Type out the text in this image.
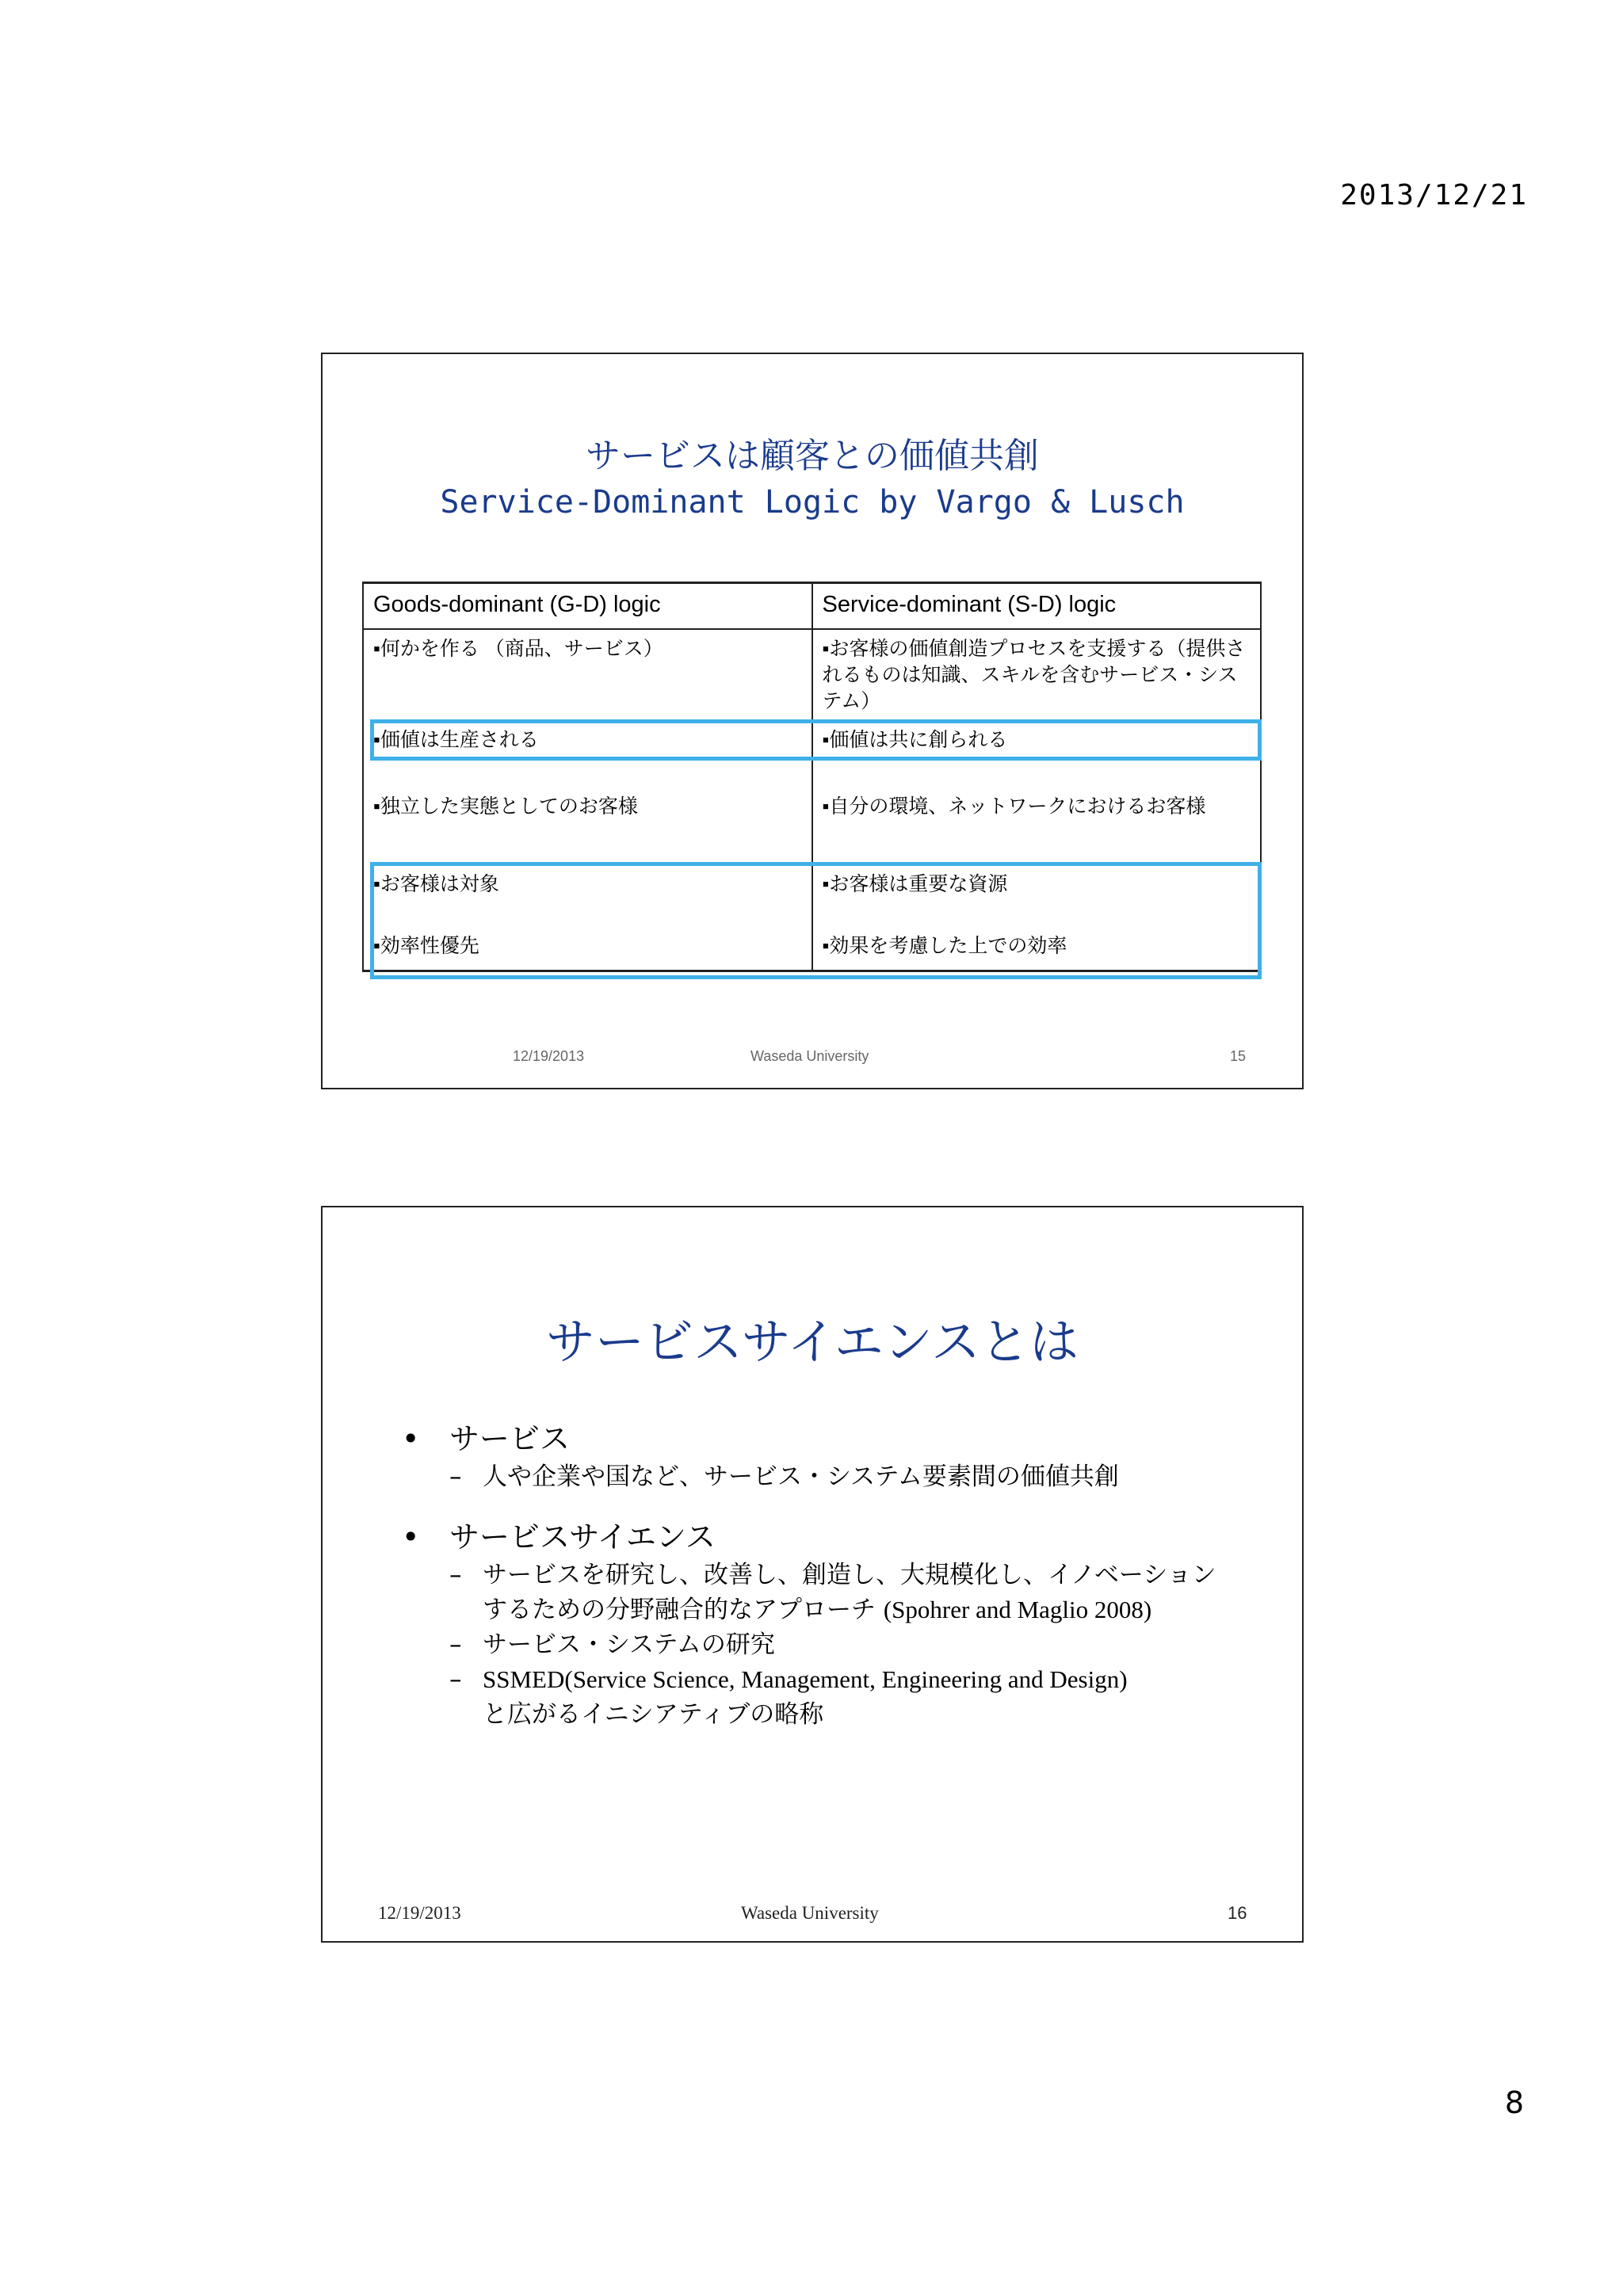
2013/12/21
サービスは顧客との価値共創
Service-Dominant Logic by Vargo & Lusch
Goods-dominant (G-D) logic	Service-dominant (S-D) logic
▪何かを作る （商品、サービス）	▪お客様の価値創造プロセスを支援する（提供されるものは知識、スキルを含むサービス・システム）
▪価値は生産される	▪価値は共に創られる
▪独立した実態としてのお客様	▪自分の環境、ネットワークにおけるお客様
▪お客様は対象	▪お客様は重要な資源
▪効率性優先	▪効果を考慮した上での効率
12/19/2013	Waseda University	15
サービスサイエンスとは

• サービス

– 人や企業や国など、サービス・システム要素間の価値共創

• サービスサイエンス

– サービスを研究し、改善し、創造し、大規模化し、イノベーション
するための分野融合的なアプローチ (Spohrer and Maglio 2008)

– サービス・システムの研究

– SSMED(Service Science, Management, Engineering and Design)
と広がるイニシアティブの略称

12/19/2013	Waseda University	16
8
